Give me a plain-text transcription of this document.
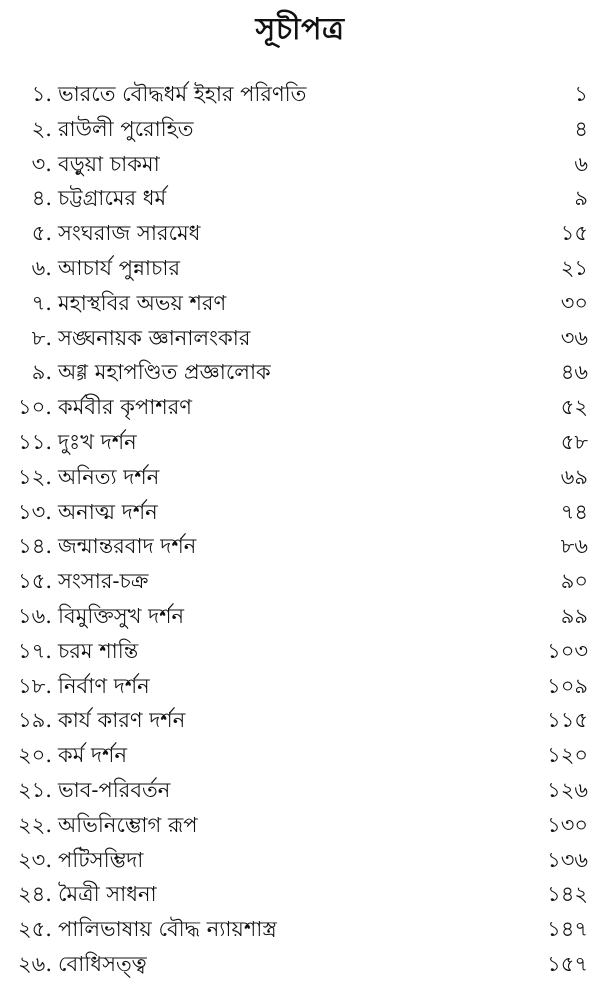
সূচীপত্র
১. ভারতে বৌদ্ধধর্ম ইহার পরিণতি	১
২. রাউলী পুরোহিত	৪
৩. বড়ুয়া চাকমা	৬
৪. চট্টগ্রামের ধর্ম	৯
৫. সংঘরাজ সারমেধ	১৫
৬. আচার্য পুন্নাচার	২১
৭. মহাস্থবির অভয় শরণ	৩০
৮. সঙ্ঘনায়ক জ্ঞানালংকার	৩৬
৯. অগ্গ মহাপণ্ডিত প্রজ্ঞালোক	৪৬
১০. কর্মবীর কৃপাশরণ	৫২
১১. দুঃখ দর্শন	৫৮
১২. অনিত্য দর্শন	৬৯
১৩. অনাত্ম দর্শন	৭৪
১৪. জন্মান্তরবাদ দর্শন	৮৬
১৫. সংসার-চক্র	৯০
১৬. বিমুক্তিসুখ দর্শন	৯৯
১৭. চরম শান্তি	১০৩
১৮. নির্বাণ দর্শন	১০৯
১৯. কার্য কারণ দর্শন	১১৫
২০. কর্ম দর্শন	১২০
২১. ভাব-পরিবর্তন	১২৬
২২. অভিনিম্ভোগ রূপ	১৩০
২৩. পটিসম্ভিদা	১৩৬
২৪. মৈত্রী সাধনা	১৪২
২৫. পালিভাষায় বৌদ্ধ ন্যায়শাস্ত্র	১৪৭
২৬. বোধিসত্ত্ব	১৫৭
